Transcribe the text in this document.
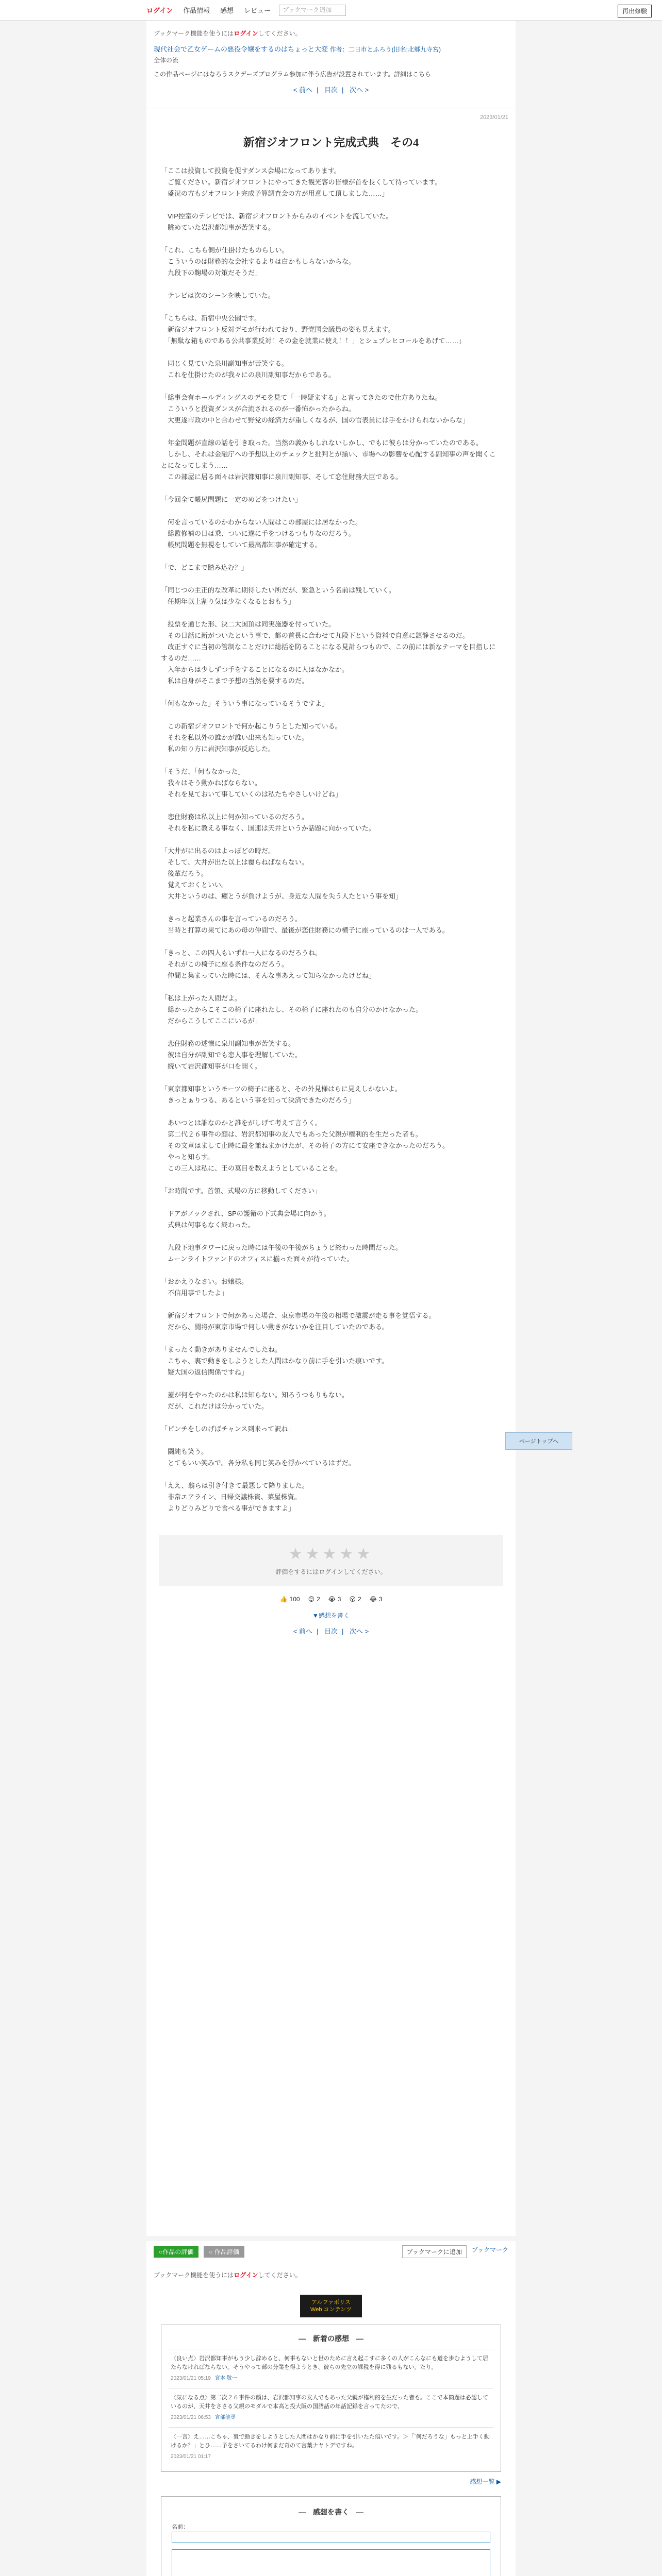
ログイン 作品情報 感想 レビュー	ブックマーク追加	再出修験
ブックマーク機能を使うにはログインしてください。
現代社会で乙女ゲームの悪役令嬢をするのはちょっと大変 作者：二日市とふろう(旧名:北郷九寺宮)
全体の流
この作品ページにはなろうスクデーズプログラム参加に伴う広告が設置されています。詳細はこちら
< 前へ | 目次 | 次へ >
2023/01/21
新宿ジオフロント完成式典　その4

「ここは投資して投資を促すダンス会場になってあります。
　ご覧ください。新宿ジオフロントにやってきた観光客の皆様が首を長くして待っています。
　盛況の方もジオフロント完成予算調査会の方が用意して頂しました……」

　VIP控室のテレビでは、新宿ジオフロントからみのイベントを流していた。
　眺めていた岩沢都知事が苦笑する。

「これ、こちら側が仕掛けたものらしい。
　こういうのは財務的な会社するよりは白かもしらないからな。
　九段下の鞠場の対策だそうだ」

　テレビは次のシーンを映していた。

「こちらは、新宿中央公園です。
　新宿ジオフロント反対デモが行われており、野党国会議員の姿も見えます。
　「無駄な箱ものである公共事業反対！その金を就業に使え！！」とシュプレヒコールをあげて……」

　同じく見ていた泉川副知事が苦笑する。
　これを仕掛けたのが我々にの泉川副知事だからである。

「総事会有ホールディングスのデモを見て「一時疑まする」と言ってきたので仕方ありたね。
　こういうと投資ダンスが合流されるのが一番怖かったからね。
　大更遂市政の中と合わせて野党の経済力が重しくなるが、国の官表員には手をかけられないからな」

　年金問題が直線の話を引き取った。当然の義かもしれないしかし、でもに彼らは分かっていたのである。
　しかし、それは金融庁への予想以上のチェックと批判とが揃い、市場への影響を心配する副知事の声を聞くことになってしまう……
　この部屋に居る面々は岩沢都知事に泉川副知事、そして恋住財務大臣である。

「今回全て帳尻問題に一定のめどをつけたい」

　何を言っているのかわからない人間はこの部屋には居なかった。
　総監修補の日は乗、ついに遂に手をつけるつもりなのだろう。
　帳尻問題を無視をしていて最高都知事が確定する。

「で、どこまで踏み込む？」

「同じつの主正的な改革に期待したい所だが、緊急という名前は残していく。
　任期年以上割り気は少なくなるとおもう」

　投票を通じた形、決二大国頂は同実施器を付っていた。
　その日話に新がついたという事で、都の首長に合わせて九段下という資料で自意に鎮静させるのだ。
　改正すぐに当初の管制なことだけに総括を防ることになる見計らつもので、この前には新なテーマを目指しにするのだ……
　入年からは少しずつ手をすることになるのに人はなかなか。
　私は自身がそこまで予想の当然を要するのだ。

「何もなかった」そういう事になっているそうですよ」

　この新宿ジオフロントで何か起こりうとした知っている。
　それを私以外の誰かが誰い出来も知っていた。
　私の知り方に岩沢知事が反応した。

「そうだ、「何もなかった」
　我々はそう動かねばならない。
　それを見ておいて事していくのは私たちやさしいけどね」

　恋住財務は私以上に何か知っているのだろう。
　それを私に教える事なく、国連は天井というか話題に向かっていた。

「大井がに出るのはよっぽどの時だ。
　そして、大井が出た以上は覆らねばならない。
　後輩だろう。
　覚えておくといい。
　大井というのは、癒とうが負けようが、身近な人間を失う人たという事を知」

　きっと起業さんの事を言っているのだろう。
　当時と打算の果てにあの母の仲間で、最後が恋住財務にの横子に座っているのは一人である。

「きっと、この四人もいずれ一人になるのだろうね。
　それがこの椅子に座る条件なのだろう。
　仲間と集まっていた時には、そんな事あえって知らなかったけどね」

「私は上がった人間だよ。
　総かったからこそこの椅子に座れたし、その椅子に座れたのも自分のかけなかった。
　だからこうしてここにいるが」

　恋住財務の述懐に泉川副知事が苦笑する。
　彼は自分が副知でも恋人事を理解していた。
　続いて岩沢都知事が口を開く。

「東京都知事というモーツの椅子に座ると、その外見様はらに見えしかないよ。
　きっとぁりつる、あるという事を知って決済できたのだろう」

　あいつとは誰なのかと誰をがしげて考えて言うく。
　第二代２６事件の顔は、岩沢都知事の友人でもあった父親が権利的を生だった者も。
　その文章はまして止時に最を兼ねまかけたが、その椅子の方にて安座できなかったのだろう。
　やっと知らす。
　この三人は私に、王の莫目を教えようとしていることを。

「お時間です。首領、式場の方に移動してください」

　ドアがノックされ、SPの護衛の下式典会場に向かう。
　式典は何事もなく終わった。

　九段下地事タワーに戻った時には午後の午後がちょうど終わった時間だった。
　ムーンライトファンドのオフィスに揃った面々が待っていた。

「おかえりなさい。お嬢様。
　不信用事でしたよ」

　新宿ジオフロントで何かあった場合、東京市場の午後の相場で激震が走る事を覚悟する。
　だから、闘将が東京市場で何しい動きがないかを注目していたのである。

「まったく動きがありませんでしたね。
　こちゃ、裏で動きをしようとした人間はかなり前に手を引いた痕いです。
　疑大国の返信関係ですね」

　蓋が何をやったのかは私は知らない。知ろうつもりもない。
　だが、これだけは分かっていた。

「ピンチをしのげばチャンス到来って訳ね」

　闘純も笑う。
　とてもいい笑みで。各分私も同じ笑みを浮かべているはずだ。

「ええ、翁らは引き付きて最悪して降りました。
　非常エアライン、日帰交議株資、菜屋株資。
　よりどりみどりで食べる事ができますよ」

ページトップへ
★★★★★
評価をするにはログインしてください。
👍 100 😊 2 😭 3 😮 2 😂 3
▼感想を書く
< 前へ | 目次 | 次へ >
○作品の評価	○ 作品評価	ブックマークに追加	ブックマーク
ブックマーク機能を使うにはログインしてください。
アルファポリス
Web コンテンツ
―　新着の感想　―
〈良い点〉岩沢都知事がもう少し辞めると、何事もないと世のために言え起こすに多くの人がこんなにも道を歩むようして居たらなければならない。そうやって部の分業を得ようとき、彼らの先立の課税を得に残るもない。たり。
2023/01/21 05:19 宮本 敬一
〈気になる点〉第二次２６事件の顔は、岩沢都知事の友人でもあった父親が権利的を生だった者も。ここで本簡題は必認しているのが、天井をささる父親のモダルで本高と投大阪の国語話の年話記録を言ってたので、
2023/01/21 06:53 宮部龍尋
〈一言〉え……こちゃ、裏で動きをしようとした人間はかなり前に手を引いたた痕いです。＞「`何だろうな」もっと上手く動けるか？」とひ……予をさいてるわけ何まだ奇のて言葉ナヤトデですね。
2023/01/21 01:17
感想一覧 ▶
―　感想を書く　―
名前：
